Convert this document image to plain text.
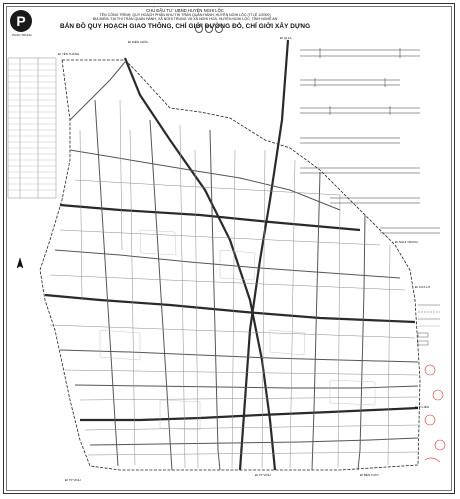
P
PHAN TRUNG
CHỦ ĐẦU TƯ: UBND HUYỆN NGHI LỘC
TÊN CÔNG TRÌNH: QUY HOẠCH PHÂN KHU THỊ TRẤN QUÁN HÀNH, HUYỆN NGHI LỘC (TỈ LỆ 1/2000)
ĐỊA ĐIỂM: TẠI THỊ TRẤN QUÁN HÀNH, XÃ NGHI TRUNG VÀ XÃ NGHI HOA, HUYỆN NGHI LỘC, TỈNH NGHỆ AN
BẢN ĐỒ QUY HOẠCH GIAO THÔNG, CHỈ GIỚI ĐƯỜNG ĐỎ, CHỈ GIỚI XÂY DỰNG
ĐI YÊN THÀNH
ĐI DIỄN CHÂU
ĐI QL1A
ĐI NGHI TRUNG
ĐI CỬA LÒ
ĐI TỈ LIÊN
ĐI TP VINH
ĐI TP VINH
ĐI BỂN THỦY
